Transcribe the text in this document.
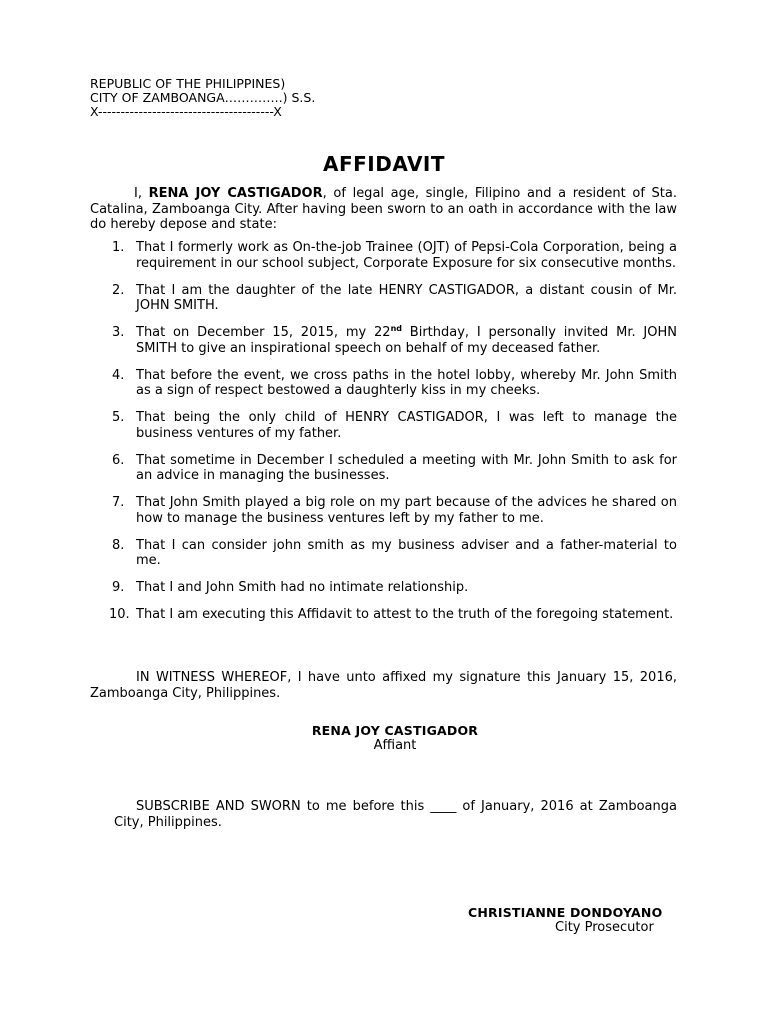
REPUBLIC OF THE PHILIPPINES)
CITY OF ZAMBOANGA…………..) S.S.
X---------------------------------------X
AFFIDAVIT
I, RENA JOY CASTIGADOR, of legal age, single, Filipino and a resident of Sta. Catalina, Zamboanga City. After having been sworn to an oath in accordance with the law do hereby depose and state:
1. That I formerly work as On-the-job Trainee (OJT) of Pepsi-Cola Corporation, being a requirement in our school subject, Corporate Exposure for six consecutive months.
2. That I am the daughter of the late HENRY CASTIGADOR, a distant cousin of Mr. JOHN SMITH.
3. That on December 15, 2015, my 22nd Birthday, I personally invited Mr. JOHN SMITH to give an inspirational speech on behalf of my deceased father.
4. That before the event, we cross paths in the hotel lobby, whereby Mr. John Smith as a sign of respect bestowed a daughterly kiss in my cheeks.
5. That being the only child of HENRY CASTIGADOR, I was left to manage the business ventures of my father.
6. That sometime in December I scheduled a meeting with Mr. John Smith to ask for an advice in managing the businesses.
7. That John Smith played a big role on my part because of the advices he shared on how to manage the business ventures left by my father to me.
8. That I can consider john smith as my business adviser and a father-material to me.
9. That I and John Smith had no intimate relationship.
10. That I am executing this Affidavit to attest to the truth of the foregoing statement.
IN WITNESS WHEREOF, I have unto affixed my signature this January 15, 2016, Zamboanga City, Philippines.
RENA JOY CASTIGADOR
Affiant
SUBSCRIBE AND SWORN to me before this ____ of January, 2016 at Zamboanga City, Philippines.
CHRISTIANNE DONDOYANO
City Prosecutor
